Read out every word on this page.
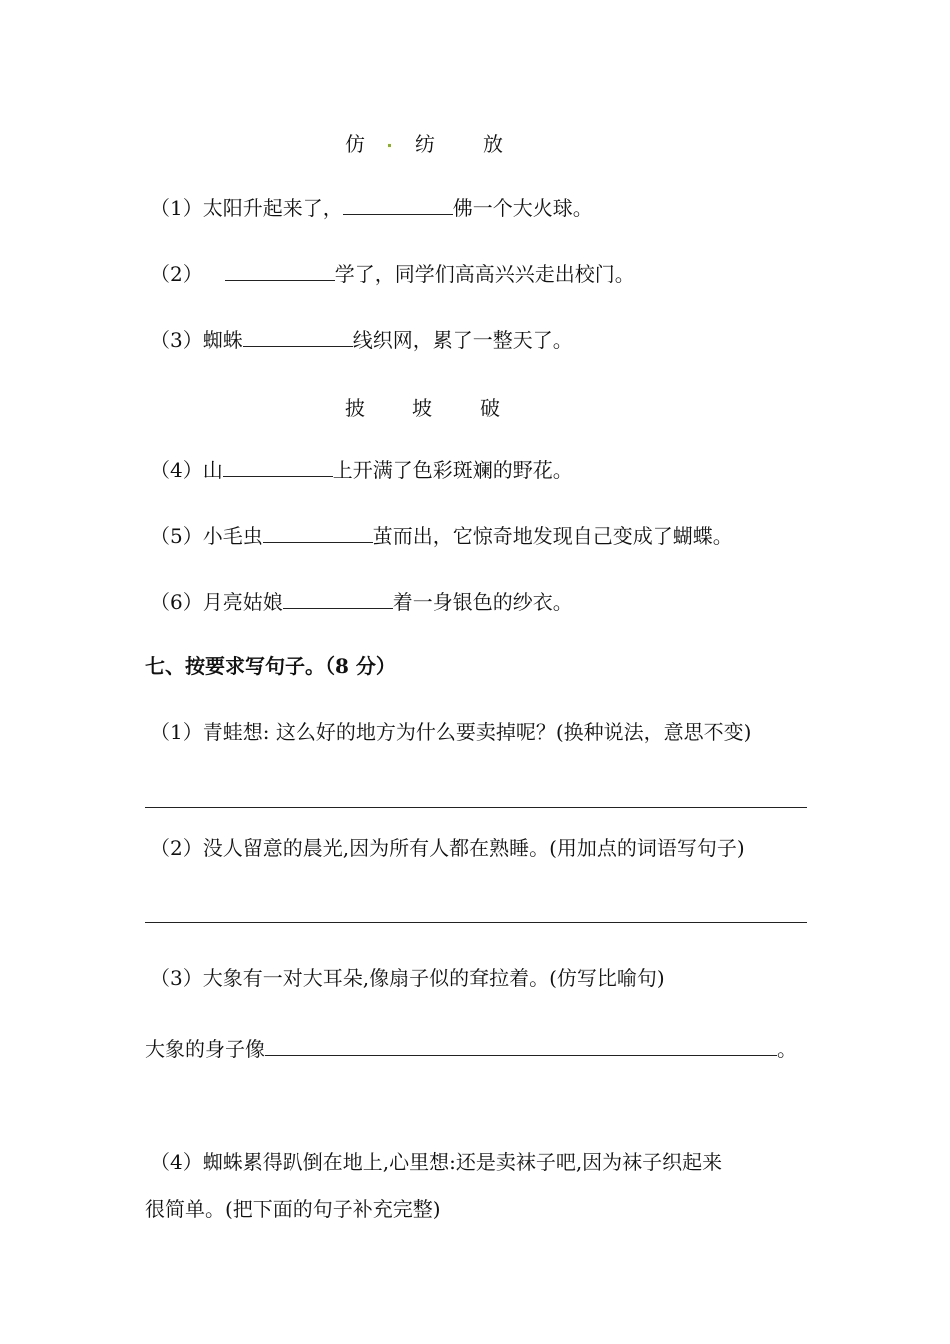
仿	纺 放
（1）太阳升起来了，	佛一个大火球。
（2）	学了，同学们高高兴兴走出校门。
（3）蜘蛛	线织网，累了一整天了。
披 坡 破
（4）山	上开满了色彩斑斓的野花。
（5）小毛虫	茧而出，它惊奇地发现自己变成了蝴蝶。
（6）月亮姑娘	着一身银色的纱衣。
七、按要求写句子。（8 分）
（1）青蛙想: 这么好的地方为什么要卖掉呢？(换种说法，意思不变)
（2）没人留意的晨光,因为所有人都在熟睡。(用加点的词语写句子)
（3）大象有一对大耳朵,像扇子似的耷拉着。(仿写比喻句)
大象的身子像	。
（4）蜘蛛累得趴倒在地上,心里想:还是卖袜子吧,因为袜子织起来
很简单。(把下面的句子补充完整)
